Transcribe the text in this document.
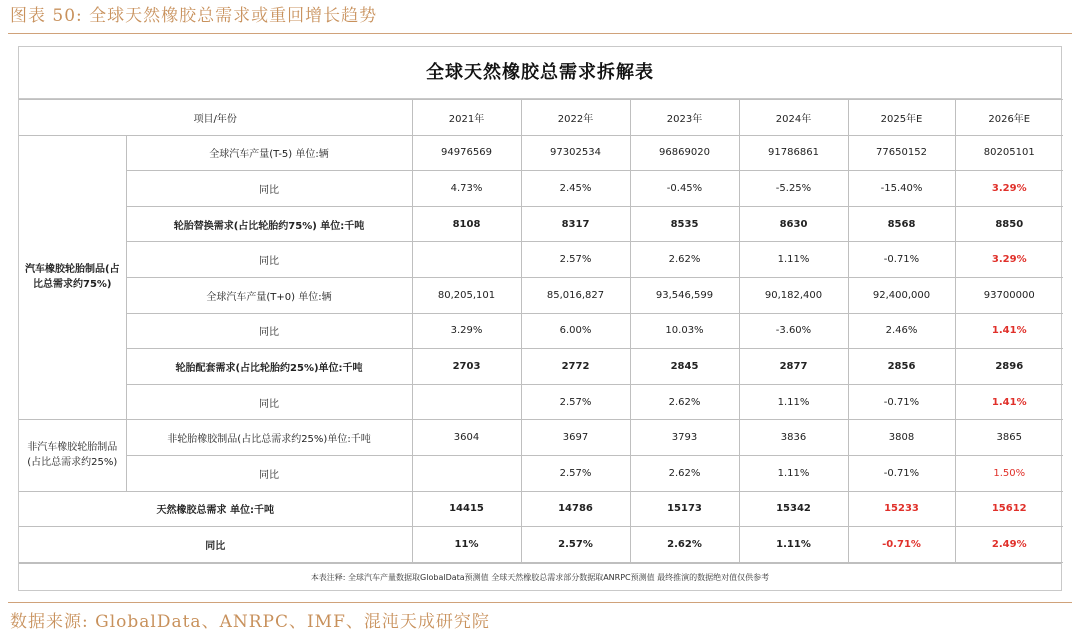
图表 50: 全球天然橡胶总需求或重回增长趋势
全球天然橡胶总需求拆解表
项目/年份		2021年	2022年	2023年	2024年	2025年E	2026年E
汽车橡胶轮胎制品(占比总需求约75%)	全球汽车产量(T-5) 单位:辆	94976569	97302534	96869020	91786861	77650152	80205101
	同比	4.73%	2.45%	-0.45%	-5.25%	-15.40%	3.29%
	轮胎替换需求(占比轮胎约75%) 单位:千吨	8108	8317	8535	8630	8568	8850
	同比		2.57%	2.62%	1.11%	-0.71%	3.29%
	全球汽车产量(T+0) 单位:辆	80,205,101	85,016,827	93,546,599	90,182,400	92,400,000	93700000
	同比	3.29%	6.00%	10.03%	-3.60%	2.46%	1.41%
	轮胎配套需求(占比轮胎约25%)单位:千吨	2703	2772	2845	2877	2856	2896
	同比		2.57%	2.62%	1.11%	-0.71%	1.41%
非汽车橡胶轮胎制品(占比总需求约25%)	非轮胎橡胶制品(占比总需求约25%)单位:千吨	3604	3697	3793	3836	3808	3865
	同比		2.57%	2.62%	1.11%	-0.71%	1.50%
天然橡胶总需求 单位:千吨		14415	14786	15173	15342	15233	15612
同比		11%	2.57%	2.62%	1.11%	-0.71%	2.49%
本表注释: 全球汽车产量数据取GlobalData预测值 全球天然橡胶总需求部分数据取ANRPC预测值 最终推演的数据绝对值仅供参考
数据来源: GlobalData、ANRPC、IMF、混沌天成研究院
